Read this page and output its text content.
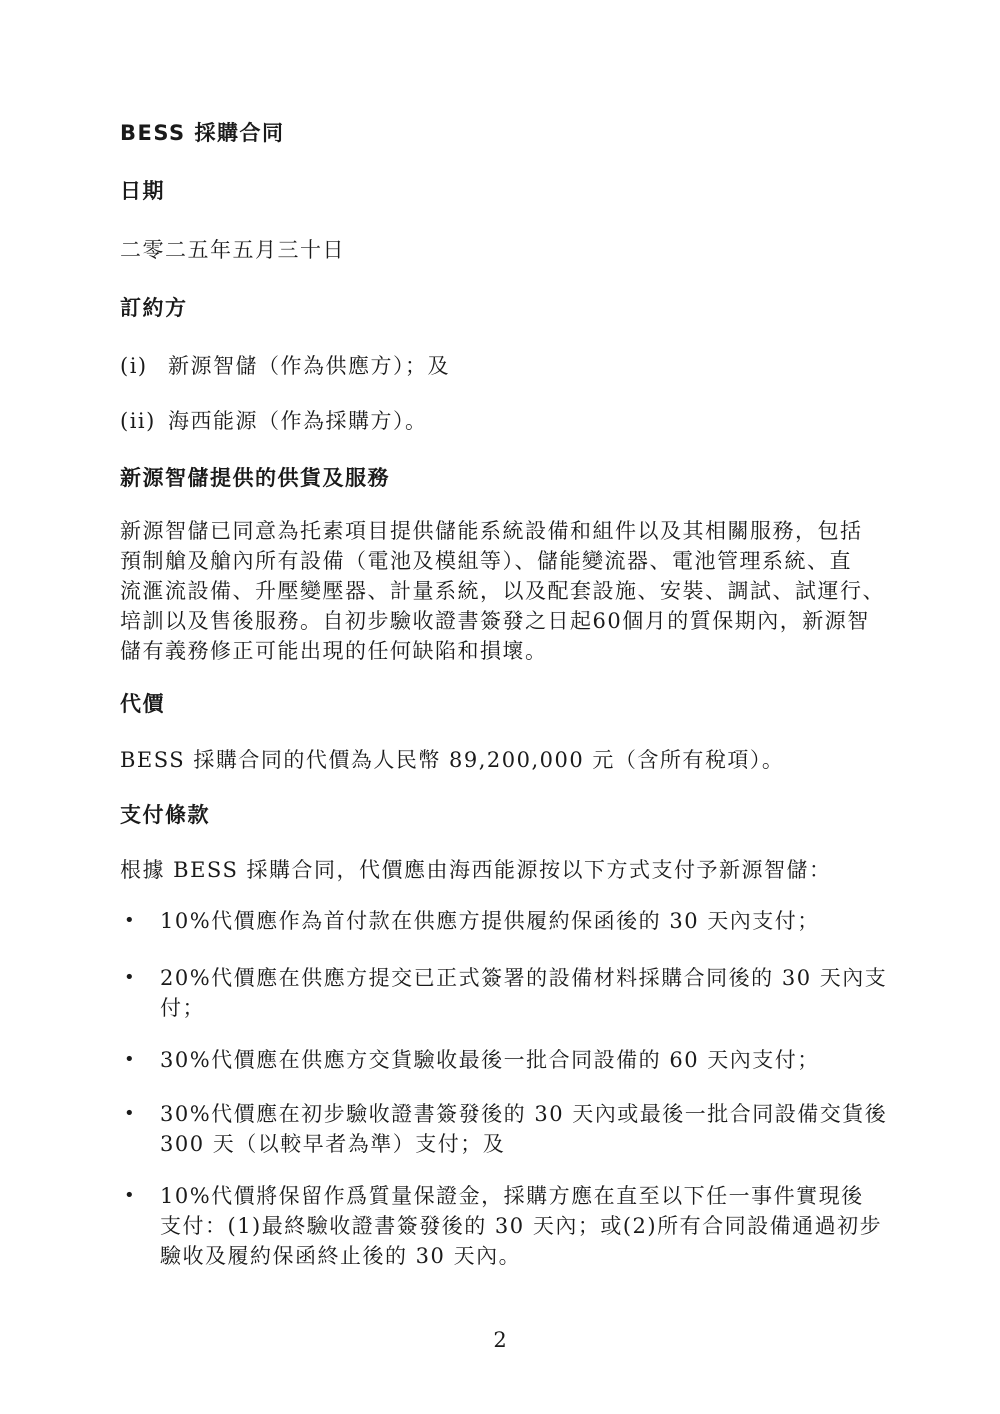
BESS 採購合同

日期

二零二五年五月三十日

訂約方

(i) 新源智儲（作為供應方）；及

(ii) 海西能源（作為採購方）。

新源智儲提供的供貨及服務

新源智儲已同意為托素項目提供儲能系統設備和組件以及其相關服務，包括
預制艙及艙內所有設備（電池及模組等）、儲能變流器、電池管理系統、直
流滙流設備、升壓變壓器、計量系統，以及配套設施、安裝、調試、試運行、
培訓以及售後服務。自初步驗收證書簽發之日起60個月的質保期內，新源智
儲有義務修正可能出現的任何缺陷和損壞。

代價

BESS 採購合同的代價為人民幣 89,200,000 元（含所有稅項）。

支付條款

根據 BESS 採購合同，代價應由海西能源按以下方式支付予新源智儲：

• 10%代價應作為首付款在供應方提供履約保函後的 30 天內支付；
• 20%代價應在供應方提交已正式簽署的設備材料採購合同後的 30 天內支
付；
• 30%代價應在供應方交貨驗收最後一批合同設備的 60 天內支付；
• 30%代價應在初步驗收證書簽發後的 30 天內或最後一批合同設備交貨後
300 天（以較早者為準）支付；及
• 10%代價將保留作爲質量保證金，採購方應在直至以下任一事件實現後
支付：(1)最終驗收證書簽發後的 30 天內；或(2)所有合同設備通過初步
驗收及履約保函終止後的 30 天內。
2
